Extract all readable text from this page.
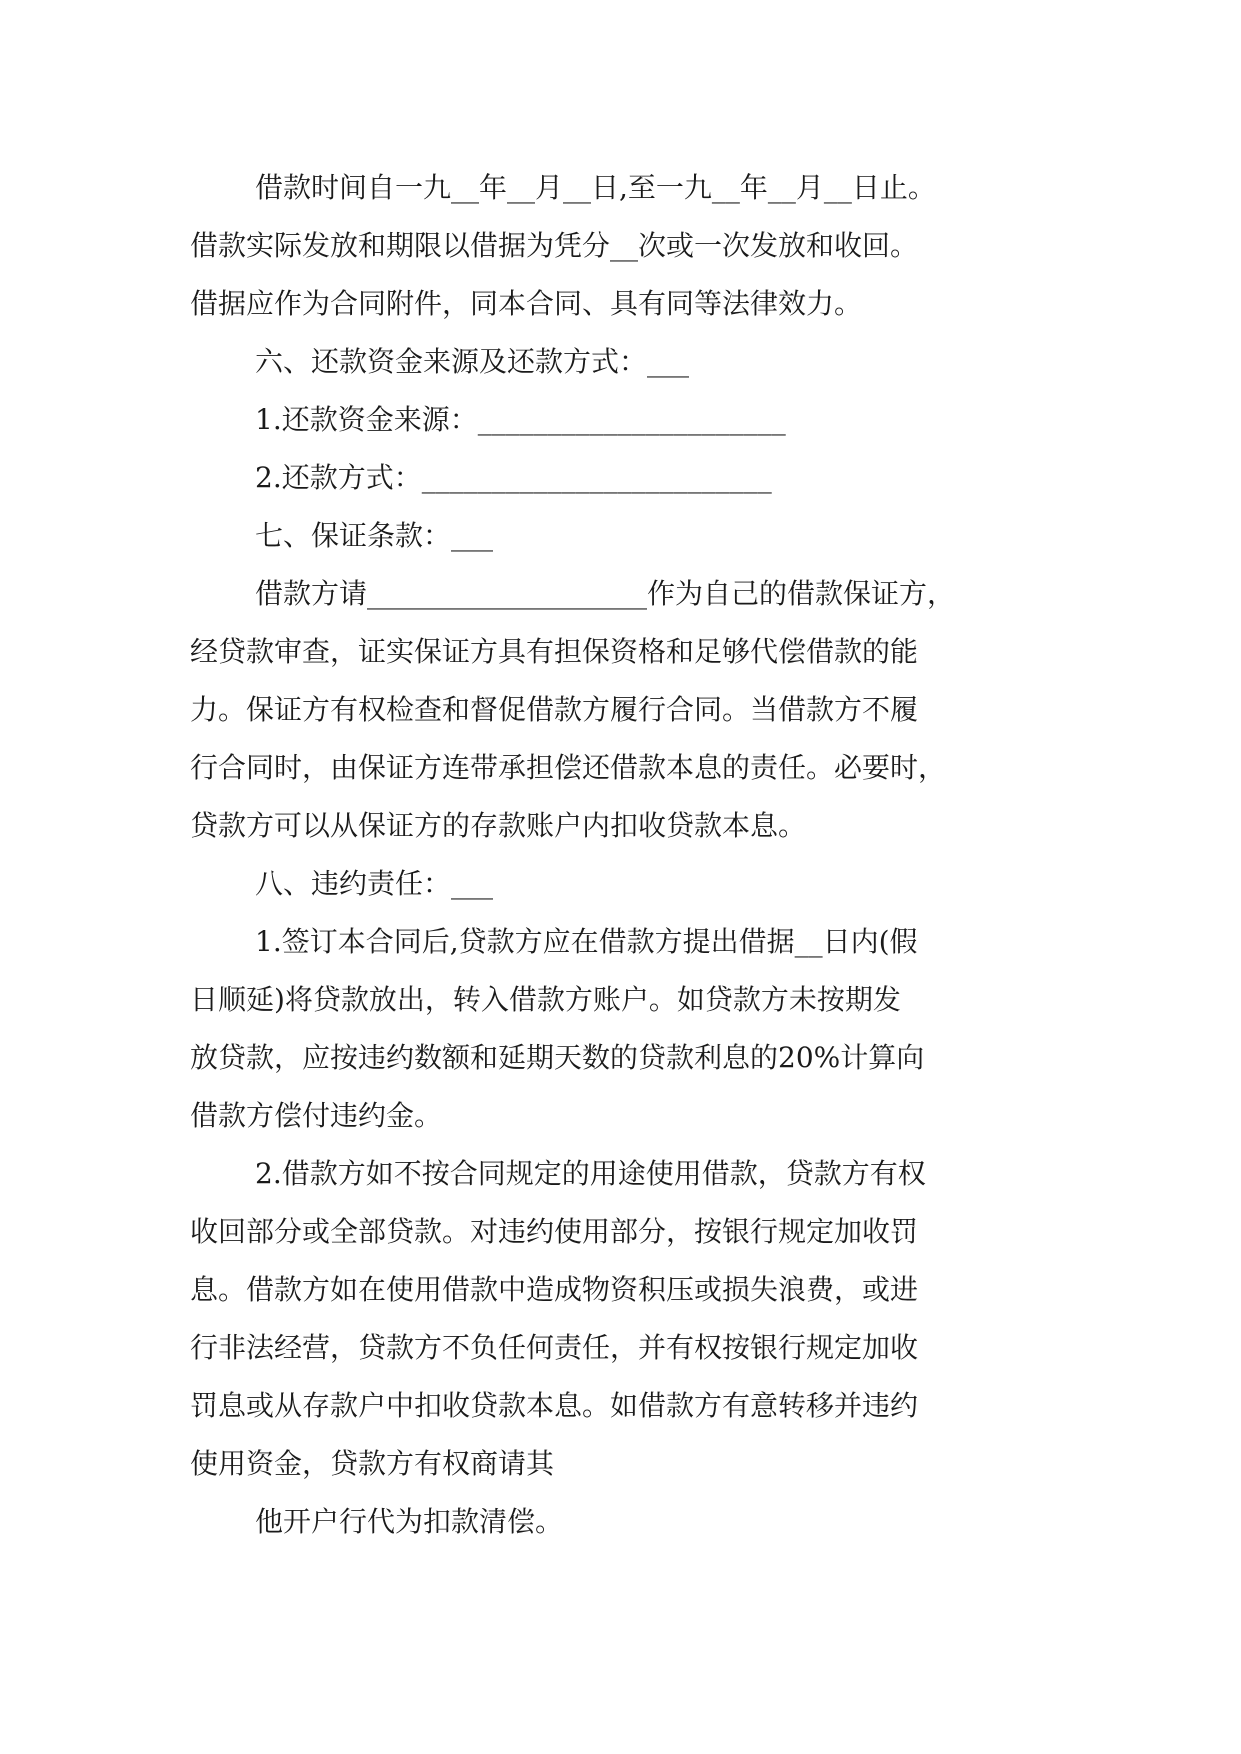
借款时间自一九__年__月__日,至一九__年__月__日止。
借款实际发放和期限以借据为凭分__次或一次发放和收回。
借据应作为合同附件，同本合同、具有同等法律效力。
六、还款资金来源及还款方式：___
1.还款资金来源：______________________
2.还款方式：_________________________
七、保证条款：___
借款方请____________________作为自己的借款保证方，
经贷款审查，证实保证方具有担保资格和足够代偿借款的能
力。保证方有权检查和督促借款方履行合同。当借款方不履
行合同时，由保证方连带承担偿还借款本息的责任。必要时，
贷款方可以从保证方的存款账户内扣收贷款本息。
八、违约责任：___
1.签订本合同后,贷款方应在借款方提出借据__日内(假
日顺延)将贷款放出，转入借款方账户。如贷款方未按期发
放贷款，应按违约数额和延期天数的贷款利息的20%计算向
借款方偿付违约金。
2.借款方如不按合同规定的用途使用借款，贷款方有权
收回部分或全部贷款。对违约使用部分，按银行规定加收罚
息。借款方如在使用借款中造成物资积压或损失浪费，或进
行非法经营，贷款方不负任何责任，并有权按银行规定加收
罚息或从存款户中扣收贷款本息。如借款方有意转移并违约
使用资金，贷款方有权商请其
他开户行代为扣款清偿。
